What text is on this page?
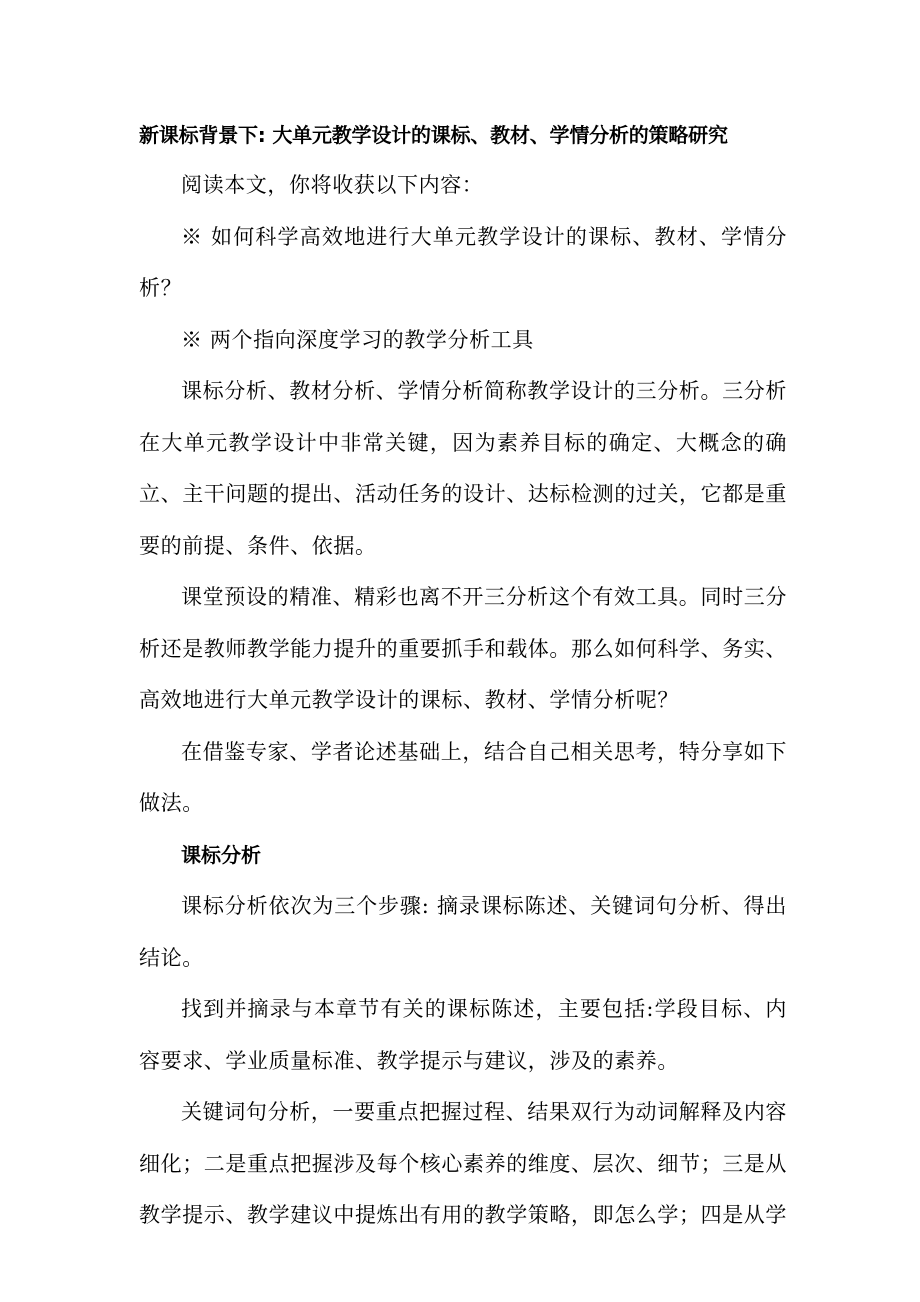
新课标背景下: 大单元教学设计的课标、教材、学情分析的策略研究

阅读本文，你将收获以下内容：

※ 如何科学高效地进行大单元教学设计的课标、教材、学情分析？

※ 两个指向深度学习的教学分析工具

课标分析、教材分析、学情分析简称教学设计的三分析。三分析在大单元教学设计中非常关键，因为素养目标的确定、大概念的确立、主干问题的提出、活动任务的设计、达标检测的过关，它都是重要的前提、条件、依据。

课堂预设的精准、精彩也离不开三分析这个有效工具。同时三分析还是教师教学能力提升的重要抓手和载体。那么如何科学、务实、高效地进行大单元教学设计的课标、教材、学情分析呢？

在借鉴专家、学者论述基础上，结合自己相关思考，特分享如下做法。

课标分析

课标分析依次为三个步骤: 摘录课标陈述、关键词句分析、得出结论。

找到并摘录与本章节有关的课标陈述，主要包括:学段目标、内容要求、学业质量标准、教学提示与建议，涉及的素养。

关键词句分析，一要重点把握过程、结果双行为动词解释及内容细化；二是重点把握涉及每个核心素养的维度、层次、细节；三是从教学提示、教学建议中提炼出有用的教学策略，即怎么学；四是从学
